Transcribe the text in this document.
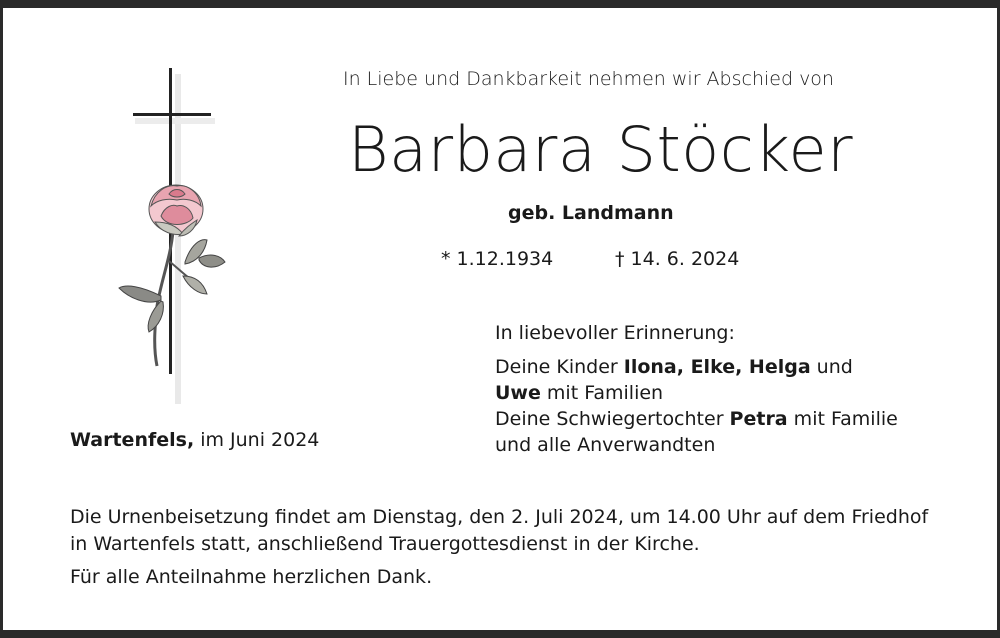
In Liebe und Dankbarkeit nehmen wir Abschied von
Barbara Stöcker
geb. Landmann
* 1.12.1934	† 14. 6. 2024
In liebevoller Erinnerung:
Deine Kinder Ilona, Elke, Helga und
Uwe mit Familien
Deine Schwiegertochter Petra mit Familie
und alle Anverwandten
Wartenfels, im Juni 2024
Die Urnenbeisetzung findet am Dienstag, den 2. Juli 2024, um 14.00 Uhr auf dem Friedhof
in Wartenfels statt, anschließend Trauergottesdienst in der Kirche.
Für alle Anteilnahme herzlichen Dank.
